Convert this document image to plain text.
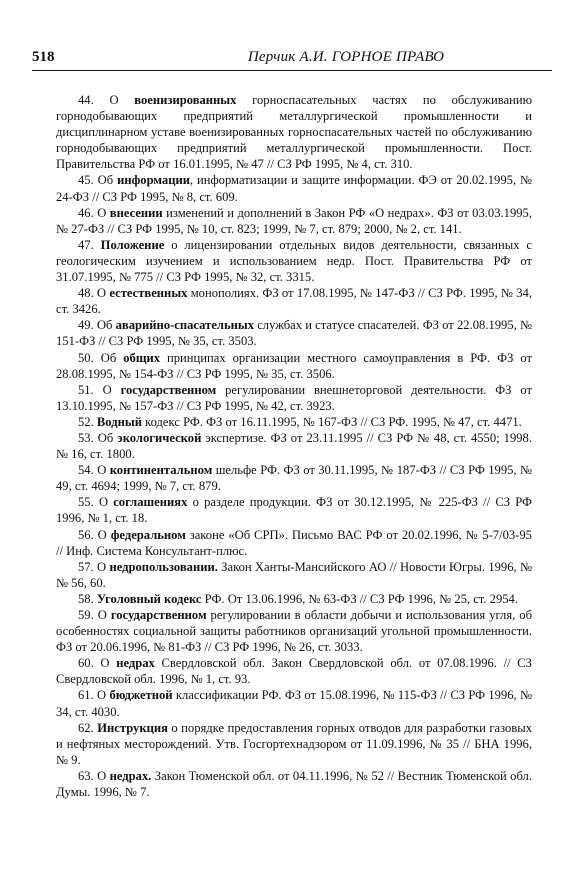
518	Перчик А.И. ГОРНОЕ ПРАВО

44. О военизированных горноспасательных частях по обслуживанию горнодобывающих предприятий металлургической промышленности и дисциплинарном уставе военизированных горноспасательных частей по обслуживанию горнодобывающих предприятий металлургической промышленности. Пост. Правительства РФ от 16.01.1995, № 47 // СЗ РФ 1995, № 4, ст. 310.

45. Об информации, информатизации и защите информации. ФЭ от 20.02.1995, № 24-ФЗ // СЗ РФ 1995, № 8, ст. 609.

46. О внесении изменений и дополнений в Закон РФ «О недрах». ФЗ от 03.03.1995, № 27-ФЗ // СЗ РФ 1995, № 10, ст. 823; 1999, № 7, ст. 879; 2000, № 2, ст. 141.

47. Положение о лицензировании отдельных видов деятельности, связанных с геологическим изучением и использованием недр. Пост. Правительства РФ от 31.07.1995, № 775 // СЗ РФ 1995, № 32, ст. 3315.

48. О естественных монополиях. ФЗ от 17.08.1995, № 147-ФЗ // СЗ РФ. 1995, № 34, ст. 3426.

49. Об аварийно-спасательных службах и статусе спасателей. ФЗ от 22.08.1995, № 151-ФЗ // СЗ РФ 1995, № 35, ст. 3503.

50. Об общих принципах организации местного самоуправления в РФ. ФЗ от 28.08.1995, № 154-ФЗ // СЗ РФ 1995, № 35, ст. 3506.

51. О государственном регулировании внешнеторговой деятельности. ФЗ от 13.10.1995, № 157-ФЗ // СЗ РФ 1995, № 42, ст. 3923.

52. Водный кодекс РФ. ФЗ от 16.11.1995, № 167-ФЗ // СЗ РФ. 1995, № 47, ст. 4471.

53. Об экологической экспертизе. ФЗ от 23.11.1995 // СЗ РФ № 48, ст. 4550; 1998. № 16, ст. 1800.

54. О континентальном шельфе РФ. ФЗ от 30.11.1995, № 187-ФЗ // СЗ РФ 1995, № 49, ст. 4694; 1999, № 7, ст. 879.

55. О соглашениях о разделе продукции. ФЗ от 30.12.1995, № 225-ФЗ // СЗ РФ 1996, № 1, ст. 18.

56. О федеральном законе «Об СРП». Письмо ВАС РФ от 20.02.1996, № 5-7/03-95 // Инф. Система Консультант-плюс.

57. О недропользовании. Закон Ханты-Мансийского АО // Новости Югры. 1996, №№ 56, 60.

58. Уголовный кодекс РФ. От 13.06.1996, № 63-ФЗ // СЗ РФ 1996, № 25, ст. 2954.

59. О государственном регулировании в области добычи и использования угля, об особенностях социальной защиты работников организаций угольной промышленности. ФЗ от 20.06.1996, № 81-ФЗ // СЗ РФ 1996, № 26, ст. 3033.

60. О недрах Свердловской обл. Закон Свердловской обл. от 07.08.1996. // СЗ Свердловской обл. 1996, № 1, ст. 93.

61. О бюджетной классификации РФ. ФЗ от 15.08.1996, № 115-ФЗ // СЗ РФ 1996, № 34, ст. 4030.

62. Инструкция о порядке предоставления горных отводов для разработки газовых и нефтяных месторождений. Утв. Госгортехнадзором от 11.09.1996, № 35 // БНА 1996, № 9.

63. О недрах. Закон Тюменской обл. от 04.11.1996, № 52 // Вестник Тюменской обл. Думы. 1996, № 7.
